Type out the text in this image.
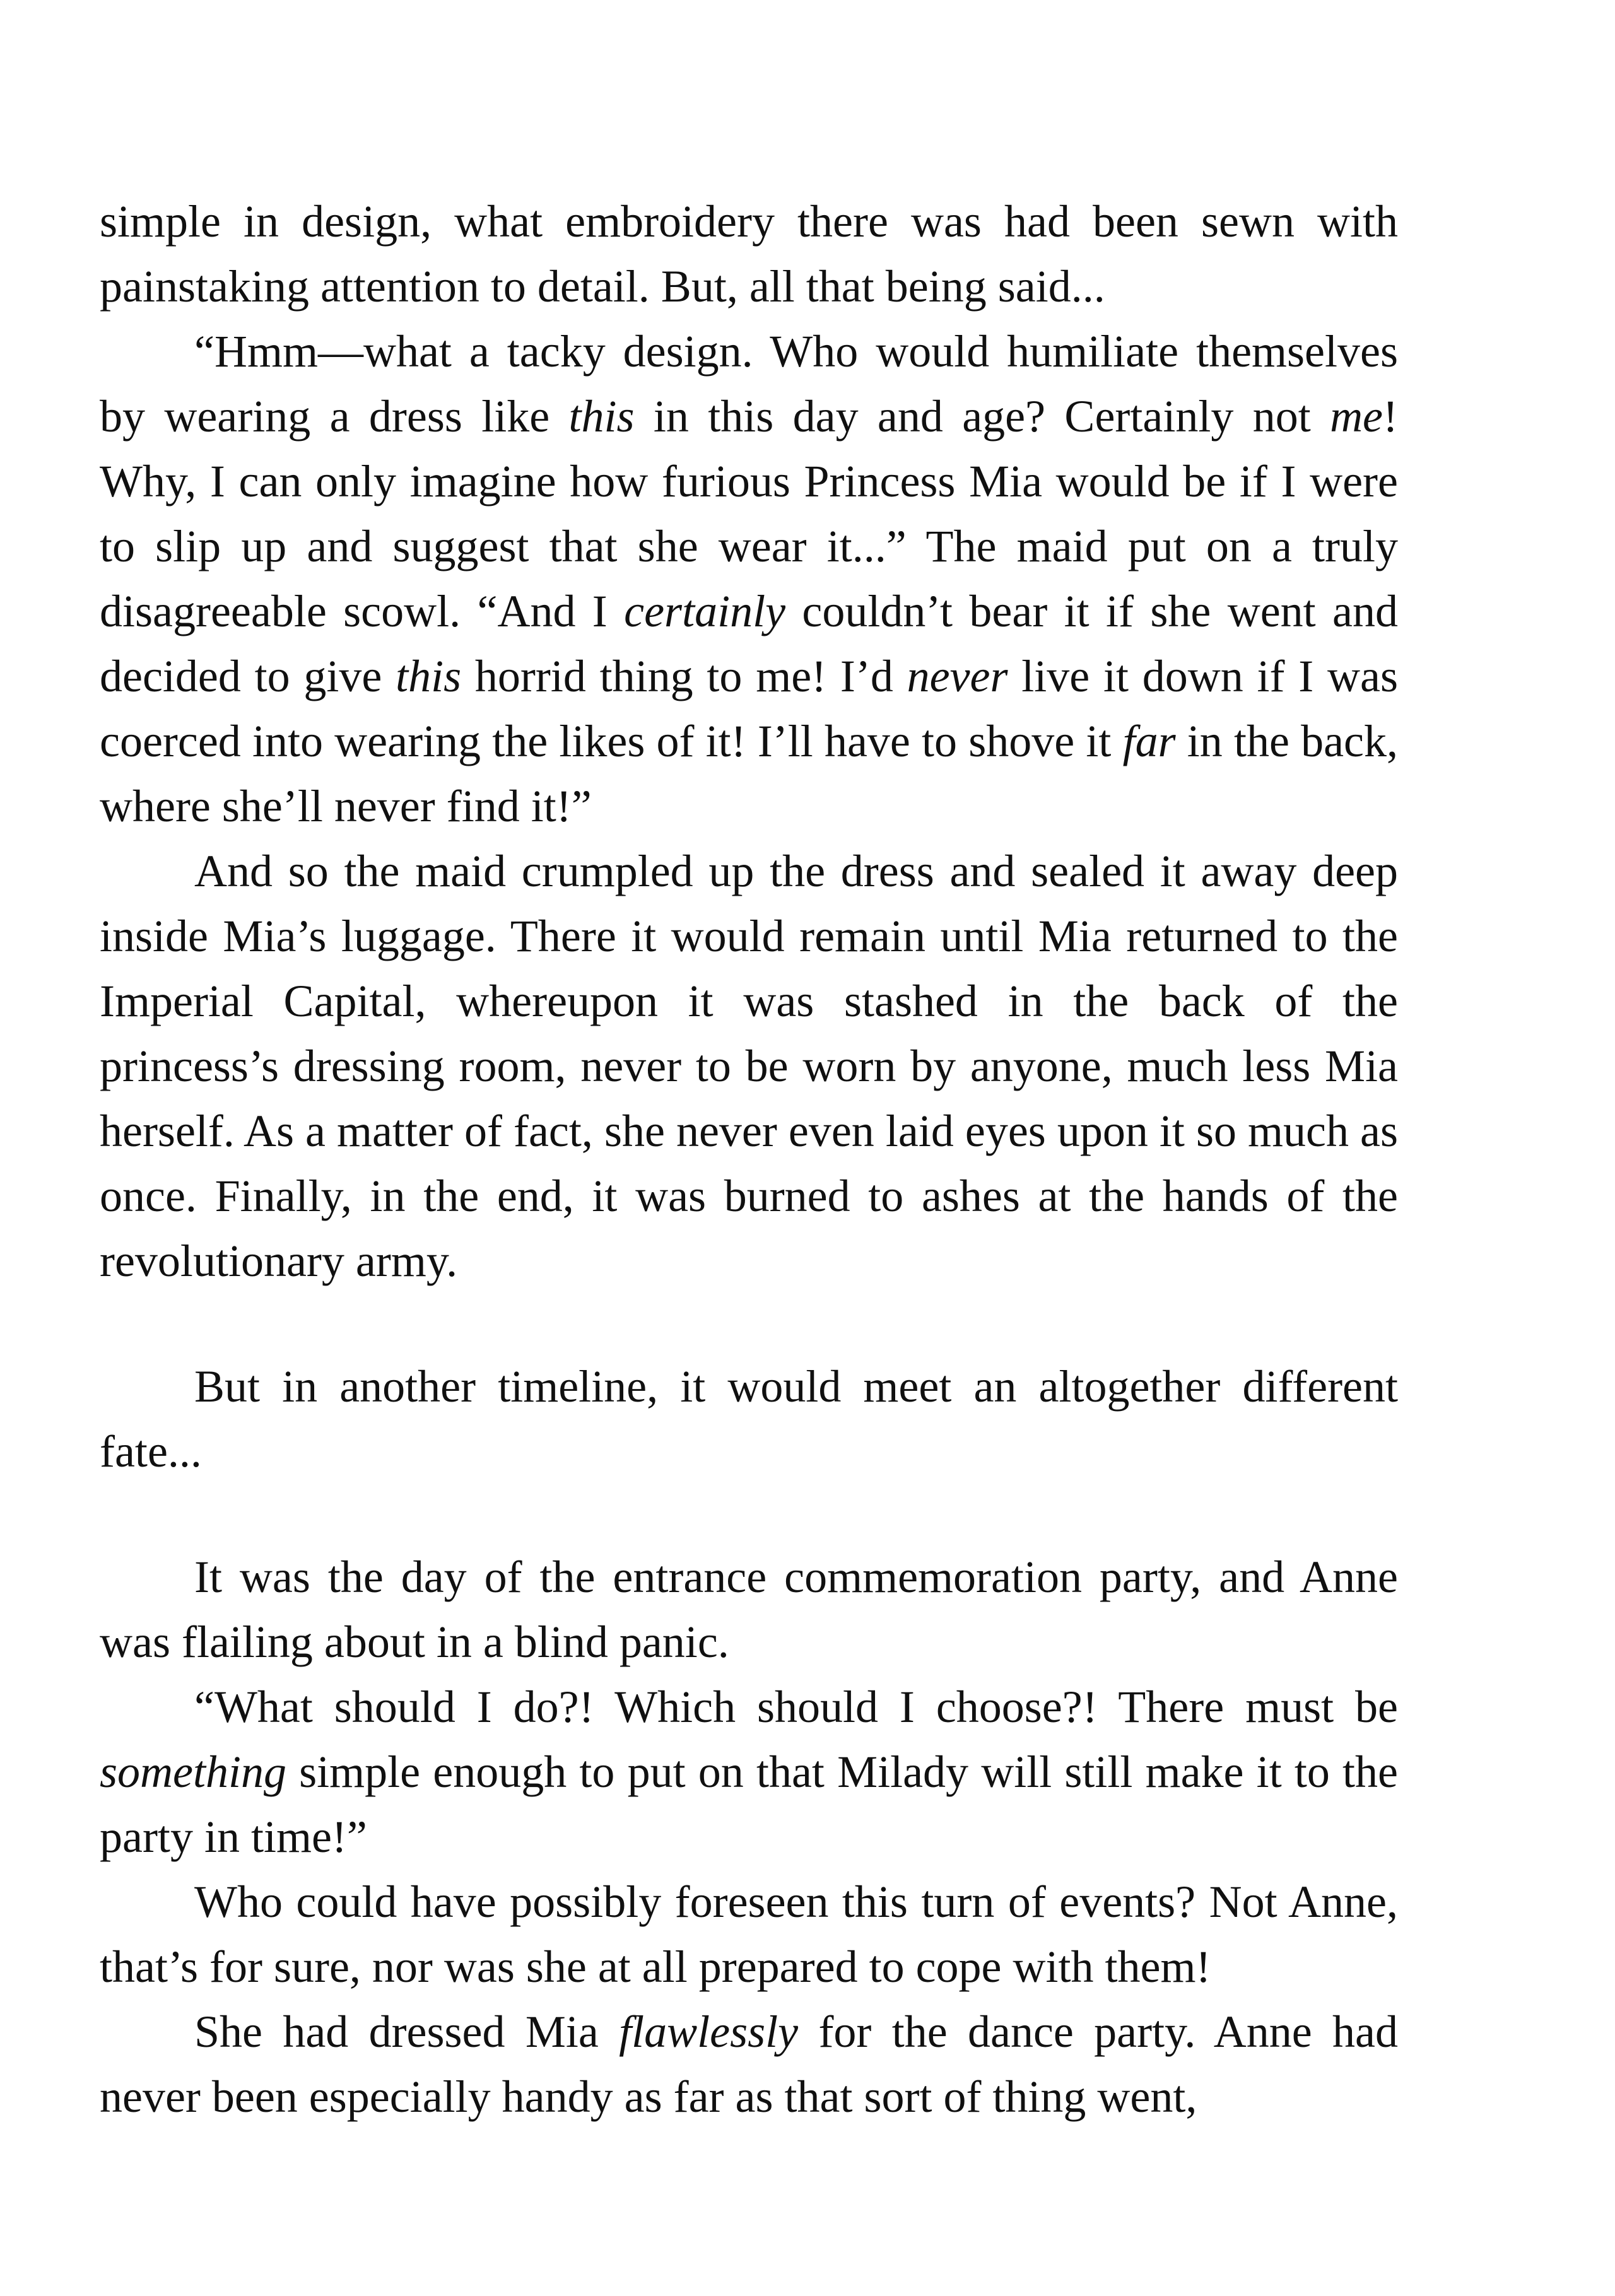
simple in design, what embroidery there was had been sewn with painstaking attention to detail. But, all that being said...

“Hmm—what a tacky design. Who would humiliate themselves by wearing a dress like this in this day and age? Certainly not me! Why, I can only imagine how furious Princess Mia would be if I were to slip up and suggest that she wear it...” The maid put on a truly disagreeable scowl. “And I certainly couldn’t bear it if she went and decided to give this horrid thing to me! I’d never live it down if I was coerced into wearing the likes of it! I’ll have to shove it far in the back, where she’ll never find it!”

And so the maid crumpled up the dress and sealed it away deep inside Mia’s luggage. There it would remain until Mia returned to the Imperial Capital, whereupon it was stashed in the back of the princess’s dressing room, never to be worn by anyone, much less Mia herself. As a matter of fact, she never even laid eyes upon it so much as once. Finally, in the end, it was burned to ashes at the hands of the revolutionary army.

But in another timeline, it would meet an altogether different fate...

It was the day of the entrance commemoration party, and Anne was flailing about in a blind panic.

“What should I do?! Which should I choose?! There must be something simple enough to put on that Milady will still make it to the party in time!”

Who could have possibly foreseen this turn of events? Not Anne, that’s for sure, nor was she at all prepared to cope with them!

She had dressed Mia flawlessly for the dance party. Anne had never been especially handy as far as that sort of thing went,
